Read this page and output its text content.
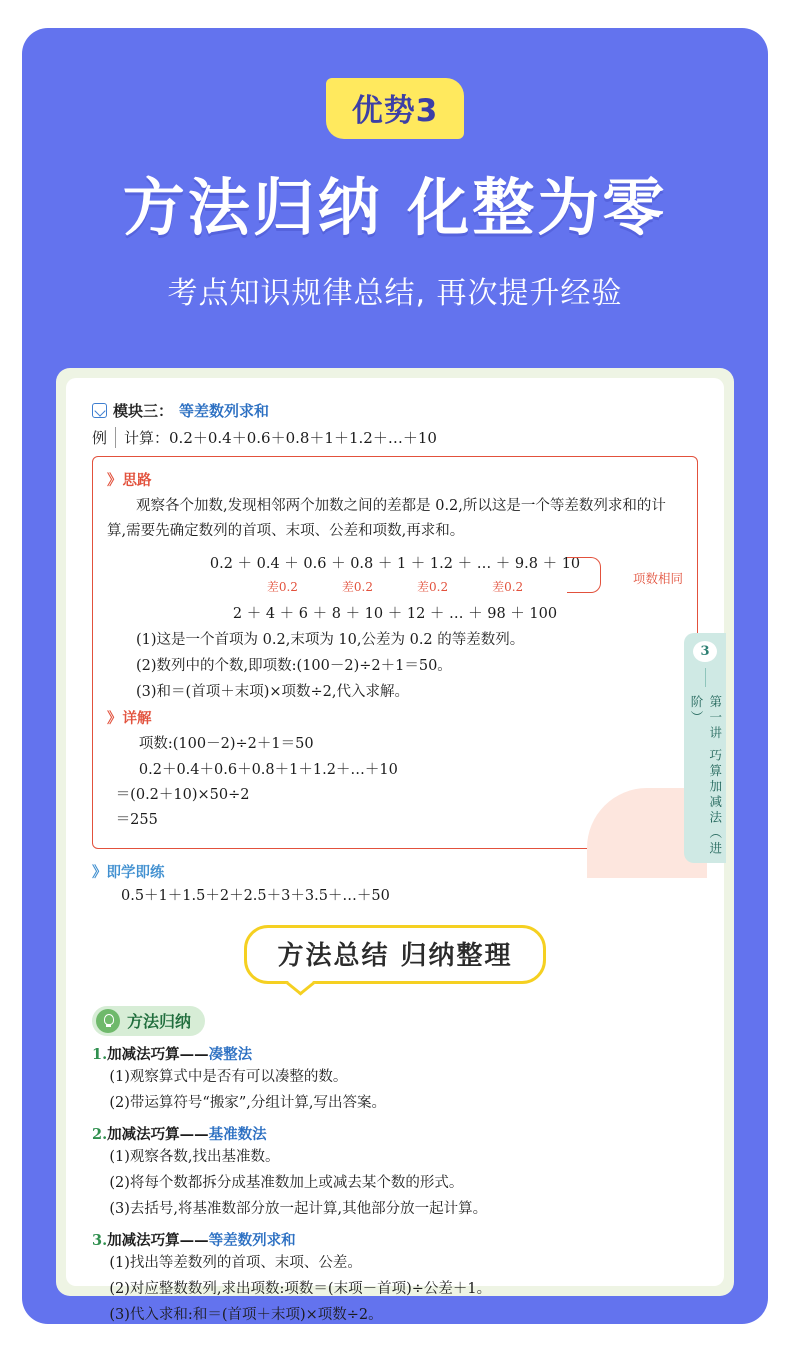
优势3
方法归纳 化整为零
考点知识规律总结, 再次提升经验
模块三： 等差数列求和
例	计算：0.2＋0.4＋0.6＋0.8＋1＋1.2＋…＋10
》 思路

观察各个加数,发现相邻两个加数之间的差都是 0.2,所以这是一个等差数列求和的计算,需要先确定数列的首项、末项、公差和项数,再求和。

0.2 ＋ 0.4 ＋ 0.6 ＋ 0.8 ＋ 1 ＋ 1.2 ＋ … ＋ 9.8 ＋ 10
差0.2	差0.2	差0.2	差0.2
项数相同
2 ＋ 4 ＋ 6 ＋ 8 ＋ 10 ＋ 12 ＋ … ＋ 98 ＋ 100

(1)这是一个首项为 0.2,末项为 10,公差为 0.2 的等差数列。

(2)数列中的个数,即项数:(100－2)÷2＋1＝50。

(3)和＝(首项＋末项)×项数÷2,代入求解。

》 详解

项数:(100－2)÷2＋1＝50

0.2＋0.4＋0.6＋0.8＋1＋1.2＋…＋10

＝(0.2＋10)×50÷2

＝255

》即学即练
0.5＋1＋1.5＋2＋2.5＋3＋3.5＋…＋50
方法总结 归纳整理
方法归纳
1.加减法巧算——凑整法

(1)观察算式中是否有可以凑整的数。

(2)带运算符号“搬家”,分组计算,写出答案。

2.加减法巧算——基准数法

(1)观察各数,找出基准数。

(2)将每个数都拆分成基准数加上或减去某个数的形式。

(3)去括号,将基准数部分放一起计算,其他部分放一起计算。

3.加减法巧算——等差数列求和

(1)找出等差数列的首项、末项、公差。

(2)对应整数数列,求出项数:项数＝(末项－首项)÷公差＋1。

(3)代入求和:和＝(首项＋末项)×项数÷2。

3
第一讲 巧算加减法（进阶）
